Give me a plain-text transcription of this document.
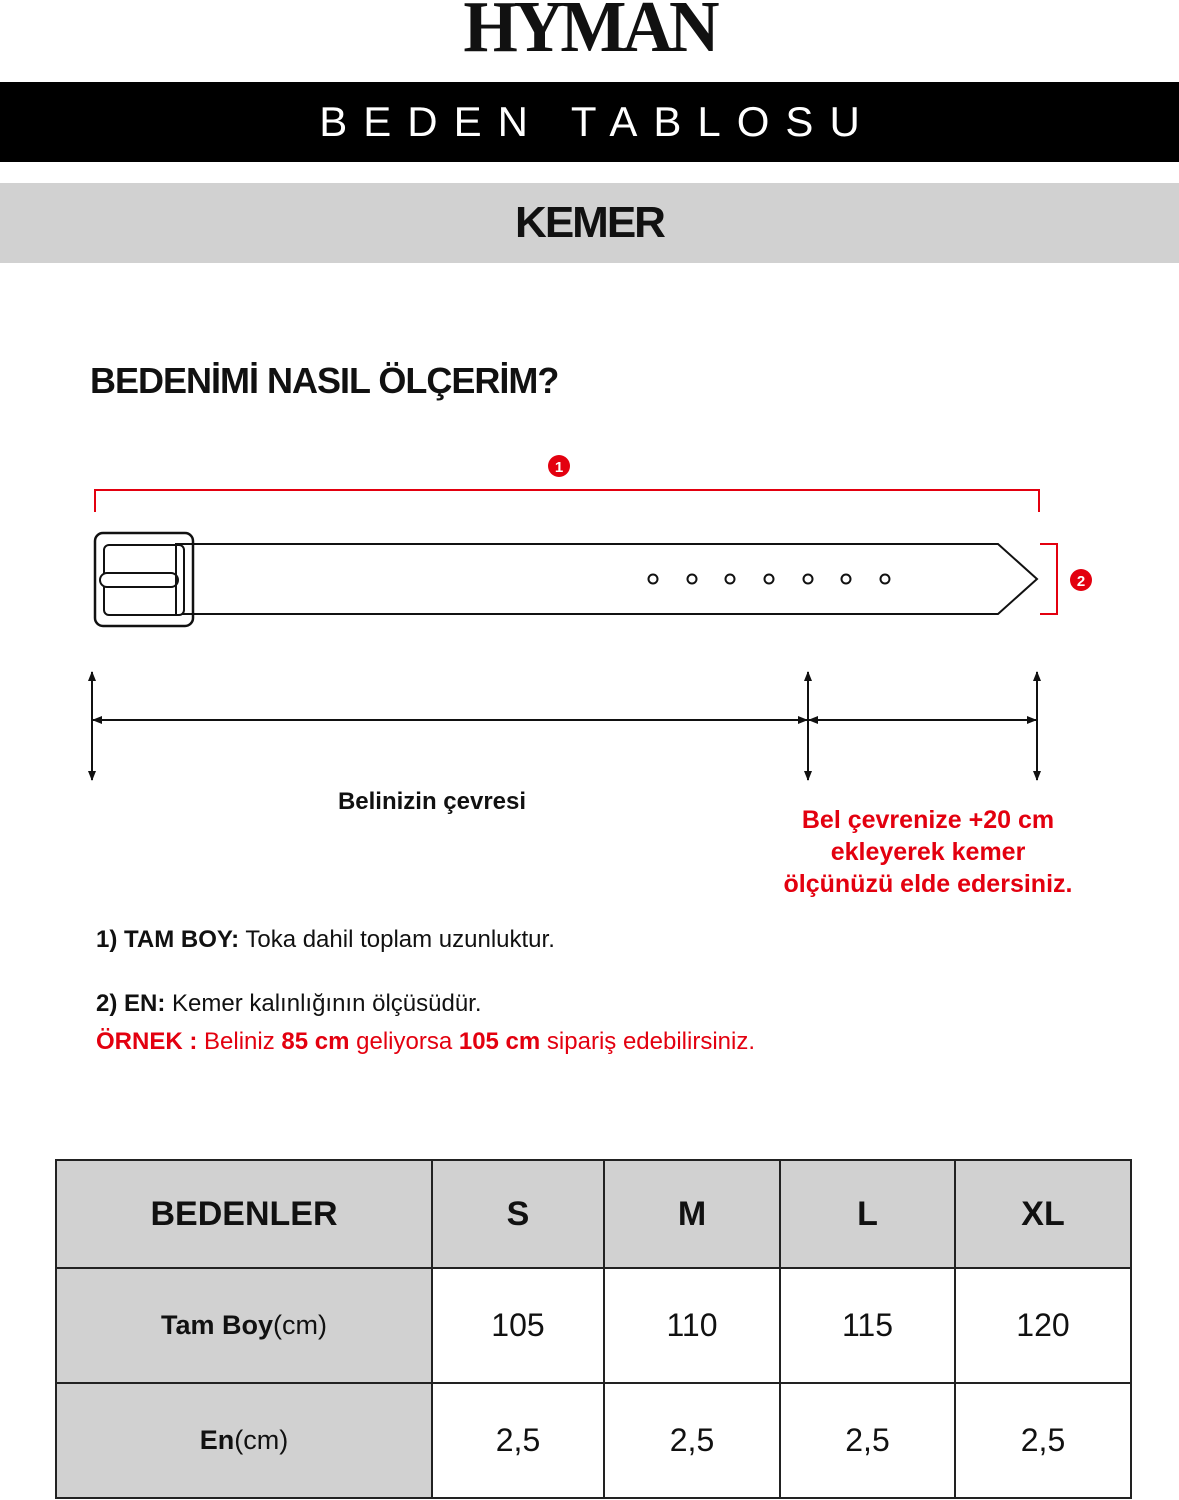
HYMAN
BEDEN TABLOSU
KEMER
BEDENİMİ NASIL ÖLÇERİM?
1
2
Belinizin çevresi
Bel çevrenize +20 cm
ekleyerek kemer
ölçünüzü elde edersiniz.
1) TAM BOY: Toka dahil toplam uzunluktur.
2) EN: Kemer kalınlığının ölçüsüdür.
ÖRNEK : Beliniz 85 cm geliyorsa 105 cm sipariş edebilirsiniz.
BEDENLER	S	M	L	XL
Tam Boy(cm)	105	110	115	120
En(cm)	2,5	2,5	2,5	2,5
